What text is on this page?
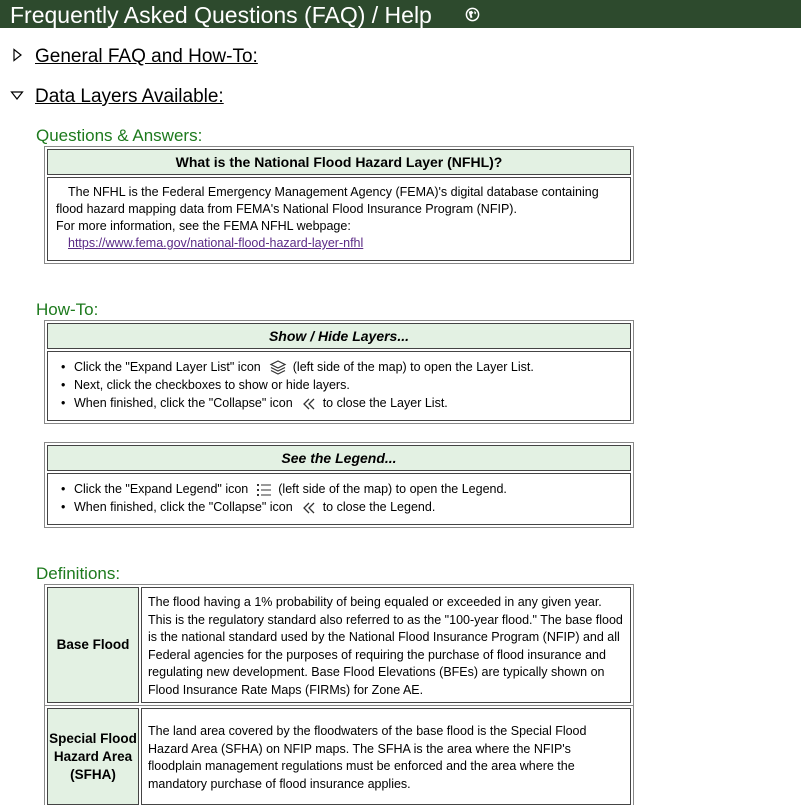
Frequently Asked Questions (FAQ) / Help
General FAQ and How-To:
Data Layers Available:
Questions & Answers:
What is the National Flood Hazard Layer (NFHL)?

The NFHL is the Federal Emergency Management Agency (FEMA)'s digital database containing flood hazard mapping data from FEMA's National Flood Insurance Program (NFIP).

For more information, see the FEMA NFHL webpage:

https://www.fema.gov/national-flood-hazard-layer-nfhl

How-To:
Show / Hide Layers...
• Click the "Expand Layer List" icon	(left side of the map) to open the Layer List.
• Next, click the checkboxes to show or hide layers.
• When finished, click the "Collapse" icon to close the Layer List.
See the Legend...
• Click the "Expand Legend" icon (left side of the map) to open the Legend.
• When finished, click the "Collapse" icon to close the Legend.
Definitions:
Base Flood
The flood having a 1% probability of being equaled or exceeded in any given year. This is the regulatory standard also referred to as the "100-year flood." The base flood is the national standard used by the National Flood Insurance Program (NFIP) and all Federal agencies for the purposes of requiring the purchase of flood insurance and regulating new development. Base Flood Elevations (BFEs) are typically shown on Flood Insurance Rate Maps (FIRMs) for Zone AE.
Special Flood Hazard Area (SFHA)
The land area covered by the floodwaters of the base flood is the Special Flood Hazard Area (SFHA) on NFIP maps. The SFHA is the area where the NFIP's floodplain management regulations must be enforced and the area where the mandatory purchase of flood insurance applies.
